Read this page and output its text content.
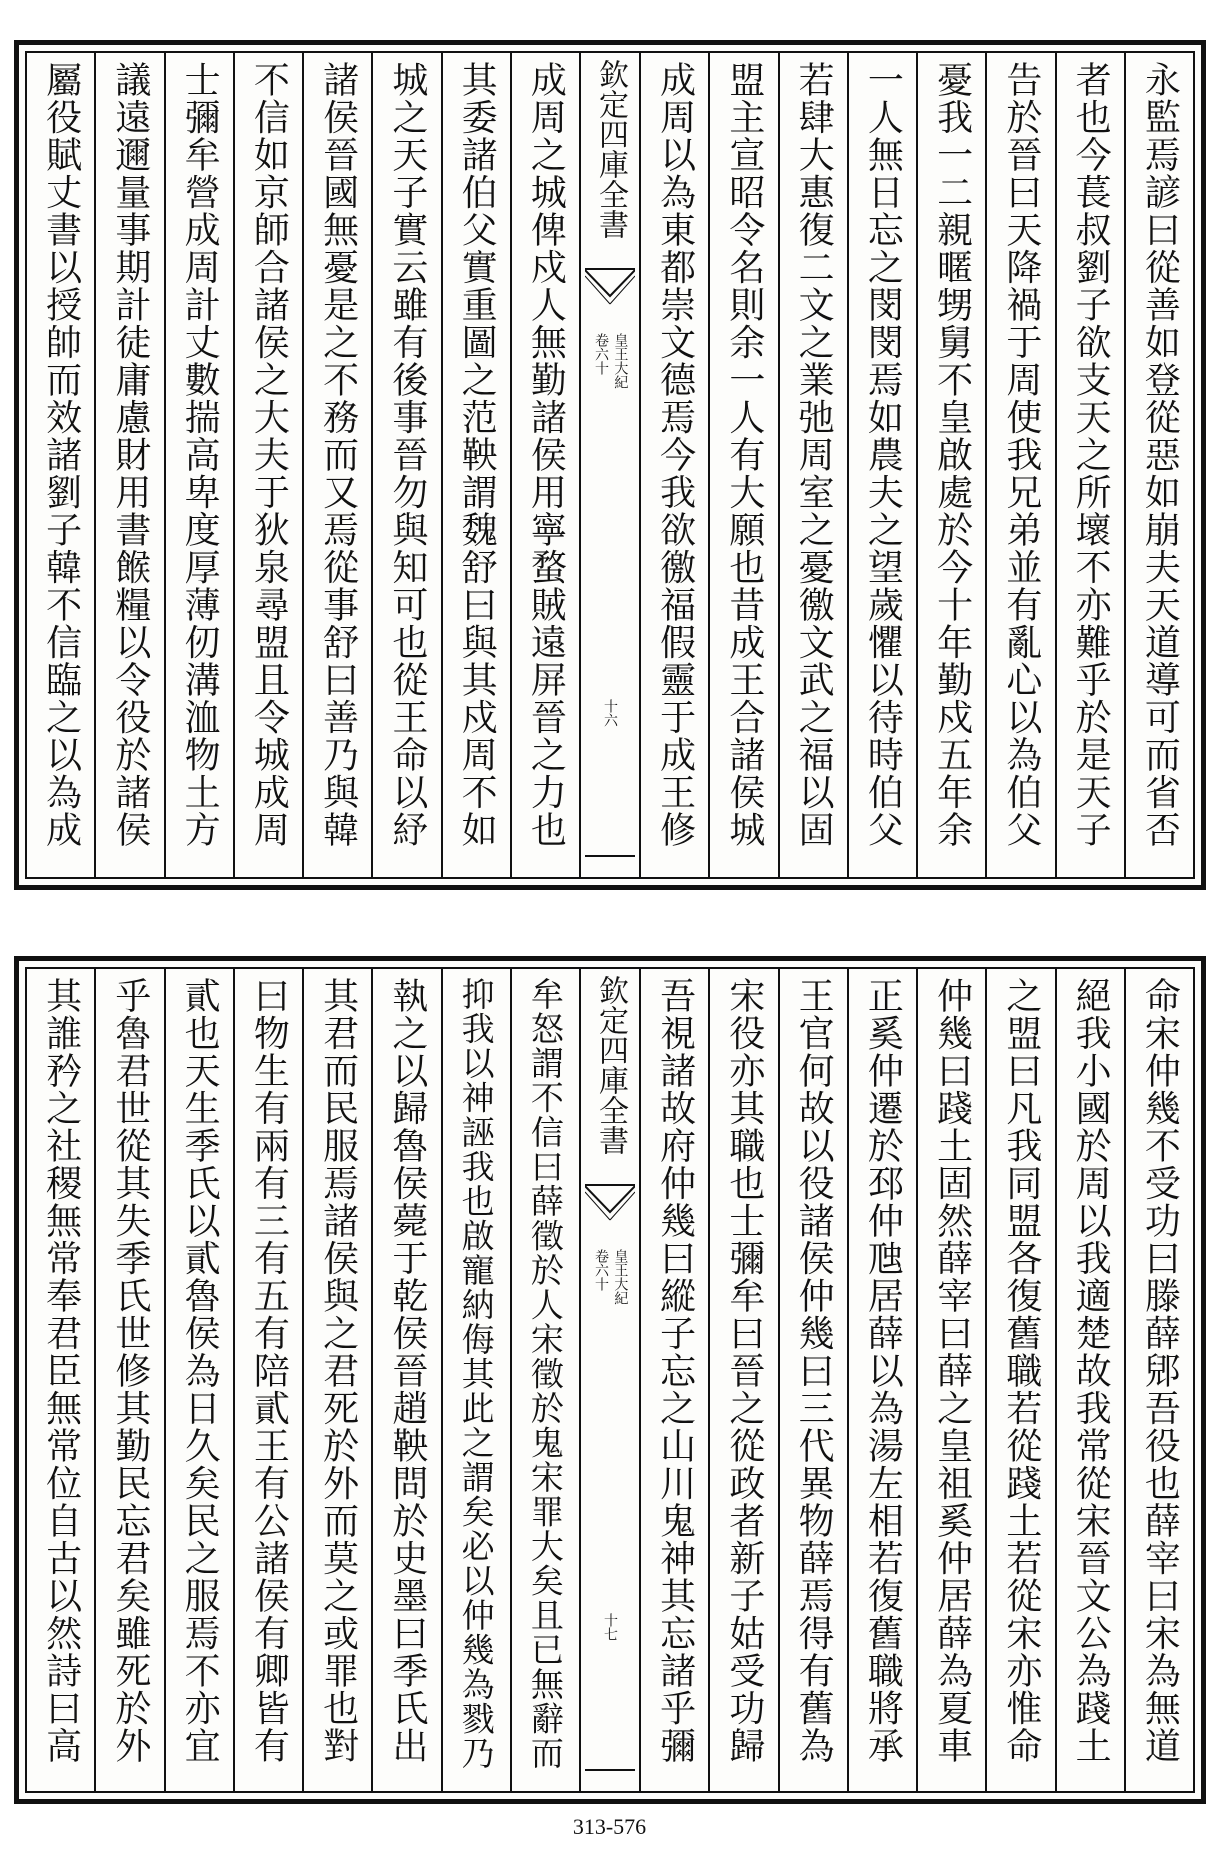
永監焉諺曰從善如登從惡如崩夫天道導可而省否
者也今萇叔劉子欲支天之所壞不亦難乎於是天子
告於晉曰天降禍于周使我兄弟並有亂心以為伯父
憂我一二親暱甥舅不皇啟處於今十年勤戍五年余
一人無日忘之閔閔焉如農夫之望歲懼以待時伯父
若肆大惠復二文之業弛周室之憂徼文武之福以固
盟主宣昭令名則余一人有大願也昔成王合諸侯城
成周以為東都崇文德焉今我欲徼福假靈于成王修
欽定四庫全書
皇王大紀
卷六十
十六
成周之城俾戍人無勤諸侯用寧蝥賊遠屏晉之力也
其委諸伯父實重圖之范鞅謂魏舒曰與其戍周不如
城之天子實云雖有後事晉勿與知可也從王命以紓
諸侯晉國無憂是之不務而又焉從事舒曰善乃與韓
不信如京師合諸侯之大夫于狄泉尋盟且令城成周
士彌牟營成周計丈數揣高卑度厚薄仞溝洫物土方
議遠邇量事期計徒庸慮財用書餱糧以令役於諸侯
屬役賦丈書以授帥而效諸劉子韓不信臨之以為成
命宋仲幾不受功曰滕薛郳吾役也薛宰曰宋為無道
絕我小國於周以我適楚故我常從宋晉文公為踐土
之盟曰凡我同盟各復舊職若從踐土若從宋亦惟命
仲幾曰踐土固然薛宰曰薛之皇祖奚仲居薛為夏車
正奚仲遷於邳仲虺居薛以為湯左相若復舊職將承
王官何故以役諸侯仲幾曰三代異物薛焉得有舊為
宋役亦其職也士彌牟曰晉之從政者新子姑受功歸
吾視諸故府仲幾曰縱子忘之山川鬼神其忘諸乎彌
欽定四庫全書
皇王大紀
卷六十
十七
牟怒謂不信曰薛徵於人宋徵於鬼宋罪大矣且已無辭而
抑我以神誣我也啟寵納侮其此之謂矣必以仲幾為戮乃
執之以歸魯侯薨于乾侯晉趙鞅問於史墨曰季氏出
其君而民服焉諸侯與之君死於外而莫之或罪也對
曰物生有兩有三有五有陪貳王有公諸侯有卿皆有
貳也天生季氏以貳魯侯為日久矣民之服焉不亦宜
乎魯君世從其失季氏世修其勤民忘君矣雖死於外
其誰矜之社稷無常奉君臣無常位自古以然詩曰高
313-576
